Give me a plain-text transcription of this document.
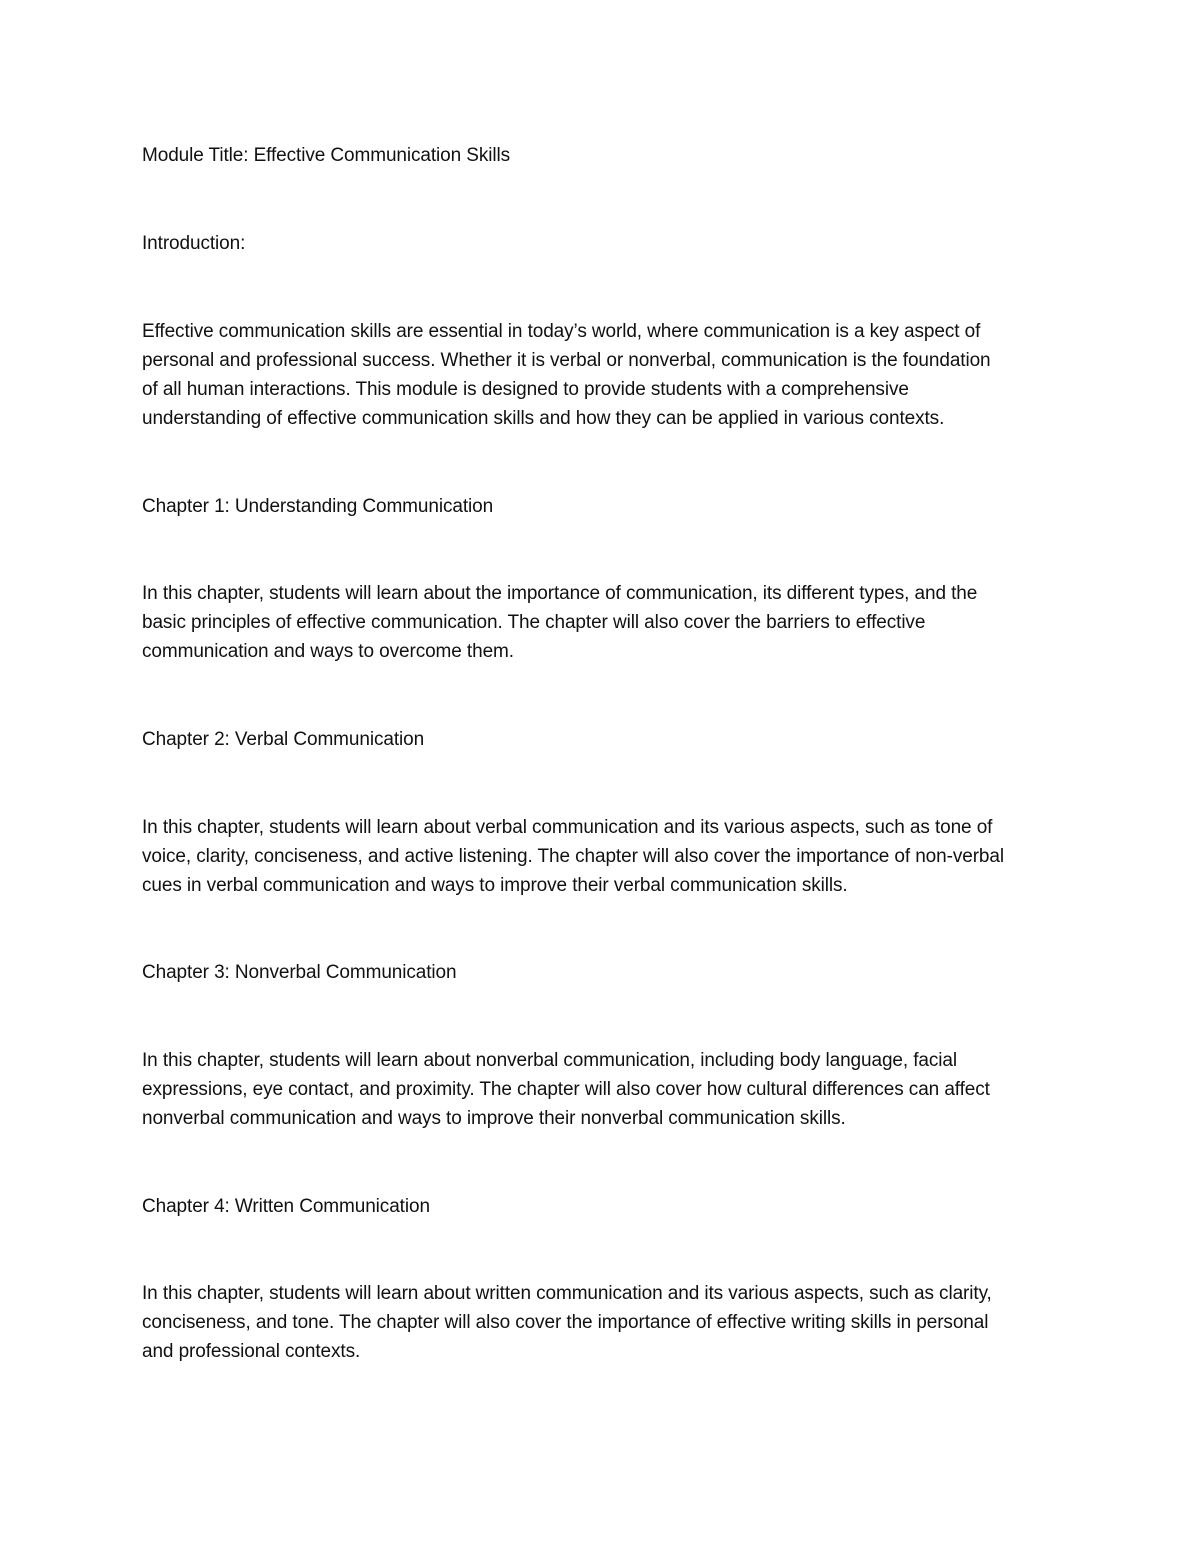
Module Title: Effective Communication Skills
Introduction:
Effective communication skills are essential in today’s world, where communication is a key aspect of
personal and professional success. Whether it is verbal or nonverbal, communication is the foundation
of all human interactions. This module is designed to provide students with a comprehensive
understanding of effective communication skills and how they can be applied in various contexts.
Chapter 1: Understanding Communication
In this chapter, students will learn about the importance of communication, its different types, and the
basic principles of effective communication. The chapter will also cover the barriers to effective
communication and ways to overcome them.
Chapter 2: Verbal Communication
In this chapter, students will learn about verbal communication and its various aspects, such as tone of
voice, clarity, conciseness, and active listening. The chapter will also cover the importance of non-verbal
cues in verbal communication and ways to improve their verbal communication skills.
Chapter 3: Nonverbal Communication
In this chapter, students will learn about nonverbal communication, including body language, facial
expressions, eye contact, and proximity. The chapter will also cover how cultural differences can affect
nonverbal communication and ways to improve their nonverbal communication skills.
Chapter 4: Written Communication
In this chapter, students will learn about written communication and its various aspects, such as clarity,
conciseness, and tone. The chapter will also cover the importance of effective writing skills in personal
and professional contexts.
